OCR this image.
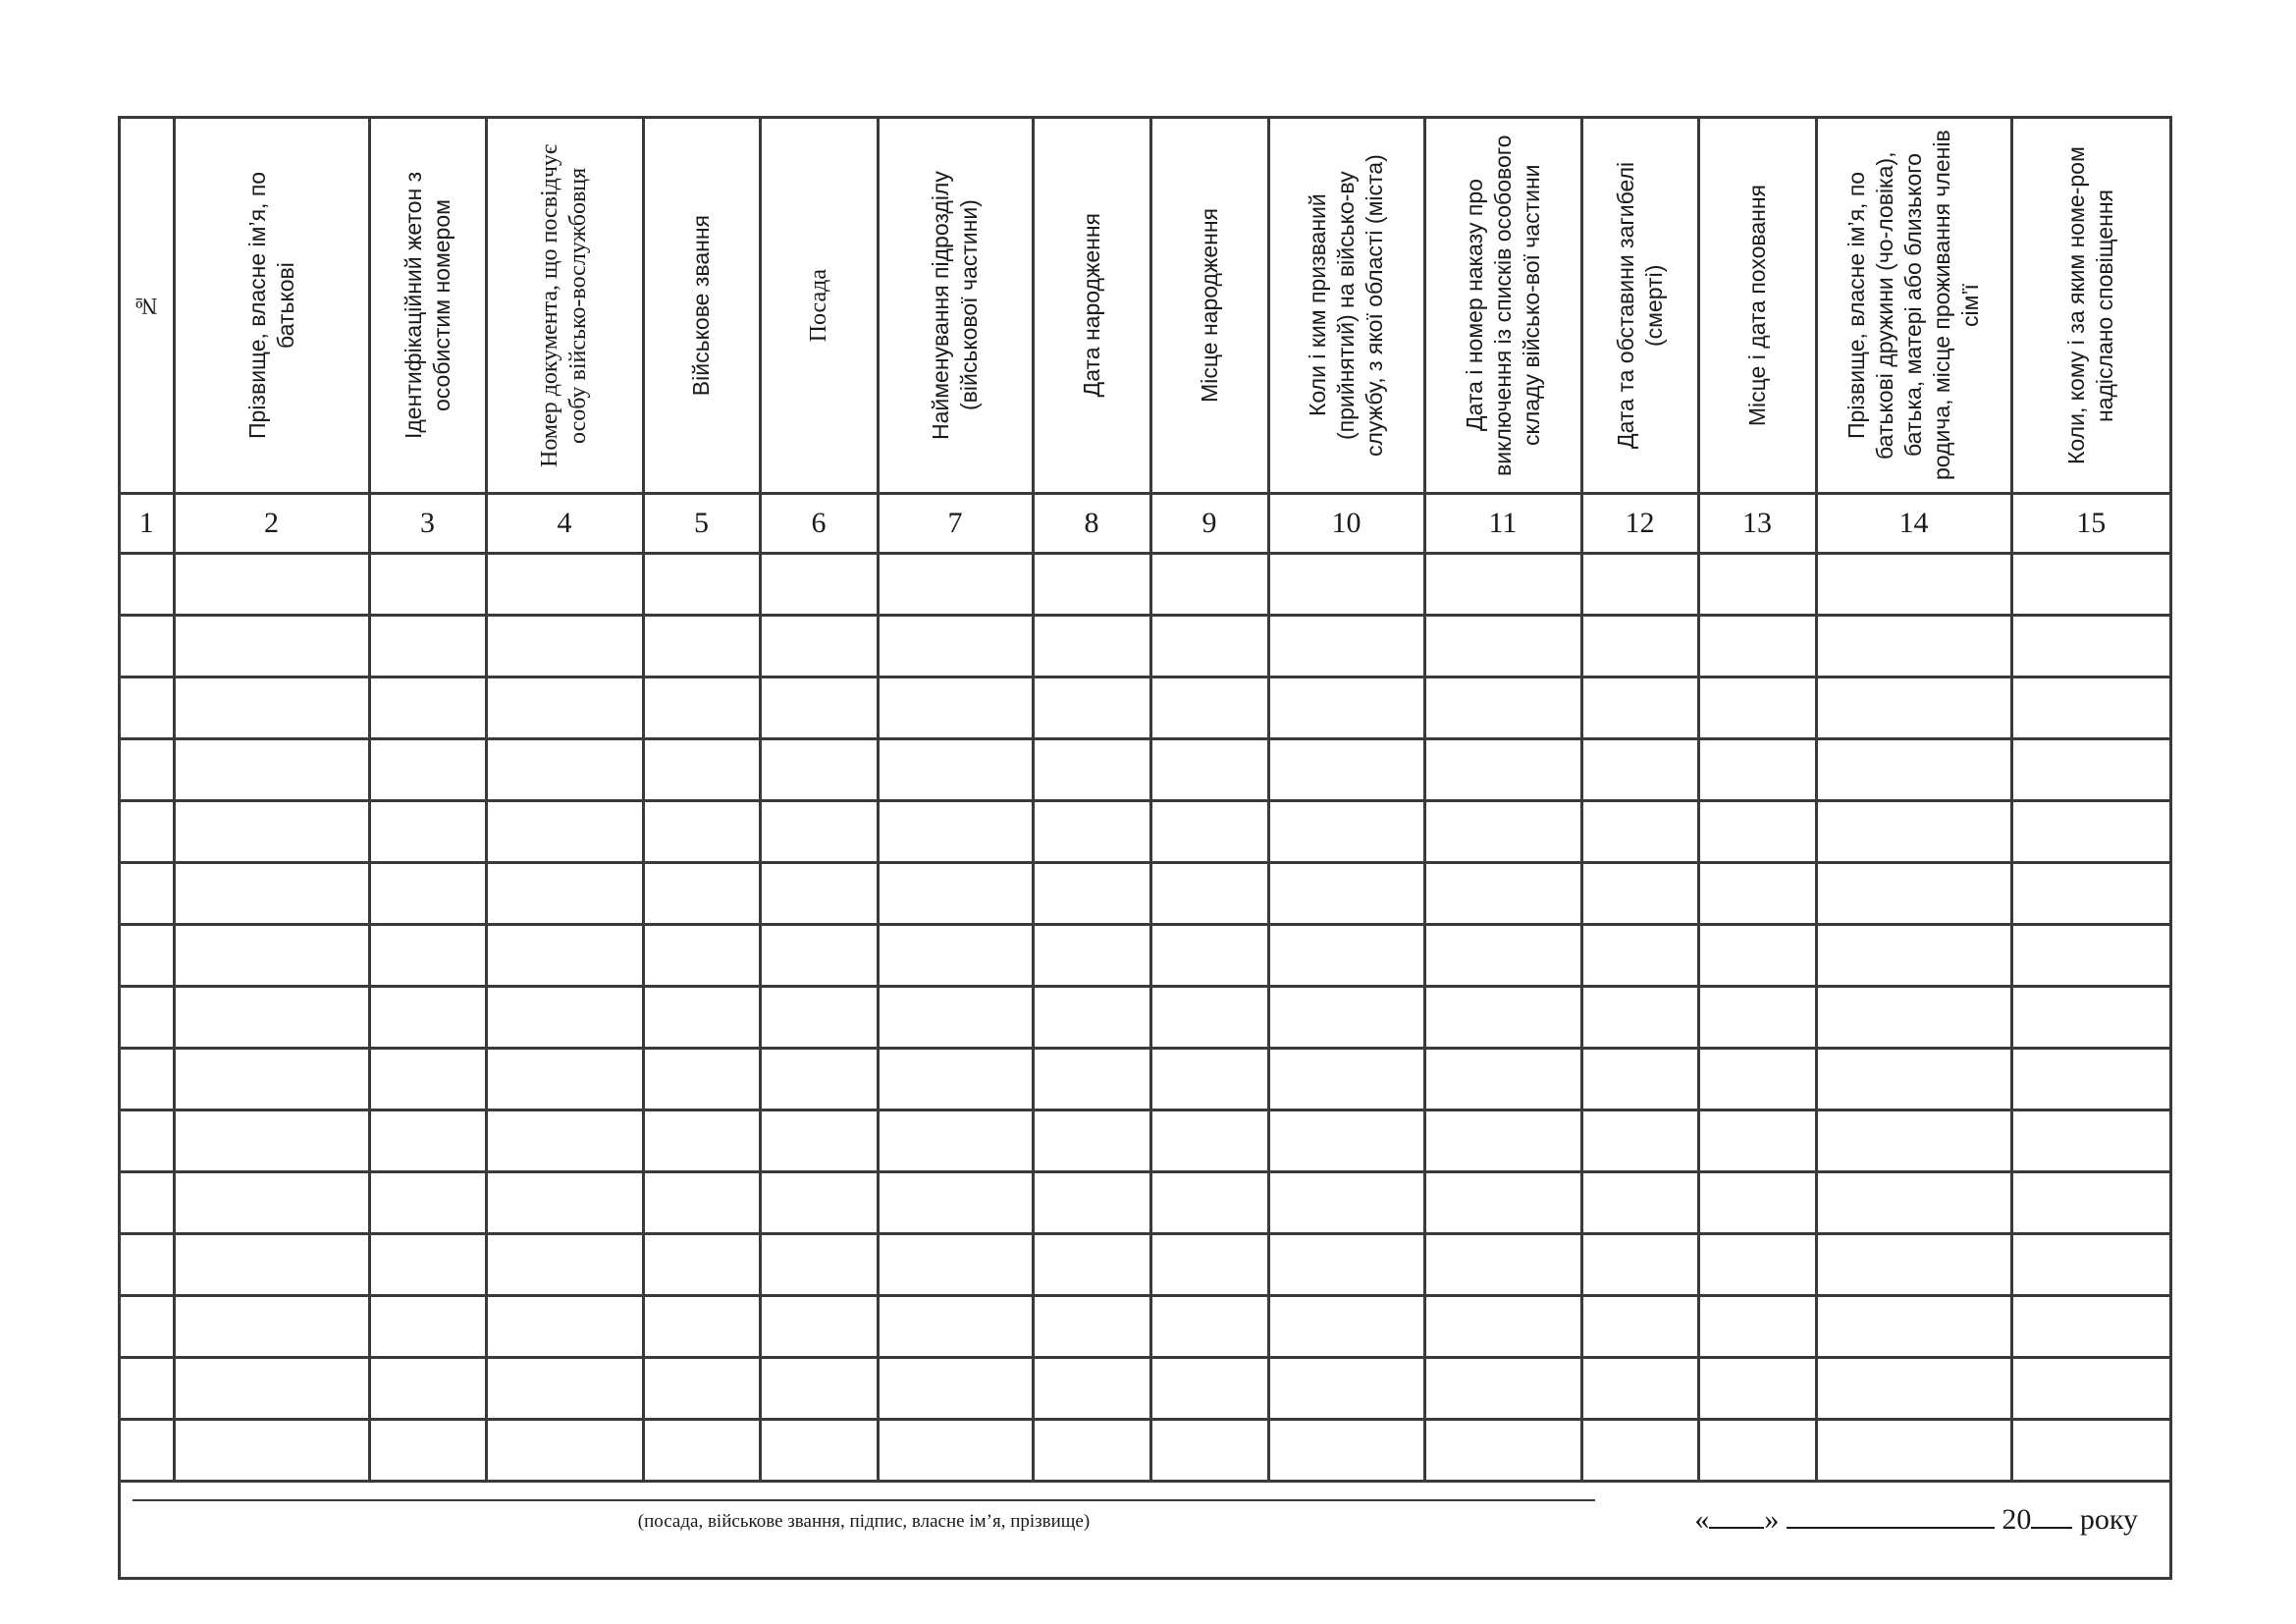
№	Прізвище, власне ім’я, по батькові	Ідентифікаційний жетон з особистим номером	Номер документа, що посвідчує особу військо-вослужбовця	Військове звання	Посада	Найменування підрозділу (військової частини)	Дата народження	Місце народження	Коли і ким призваний (прийнятий) на військо-ву службу, з якої області (міста)	Дата і номер наказу про виключення із списків особового складу військо-вої частини	Дата та обставини загибелі (смерті)	Місце і дата поховання	Прізвище, власне ім’я, по батькові дружини (чо-ловіка), батька, матері або близького родича, місце проживання членів сім’ї	Коли, кому і за яким номе-ром надіслано сповіщення

1	2	3	4	5	6	7	8	9	10	11	12	13	14	15

(посада, військове звання, підпис, власне ім’я, прізвище)	« »	20 року
